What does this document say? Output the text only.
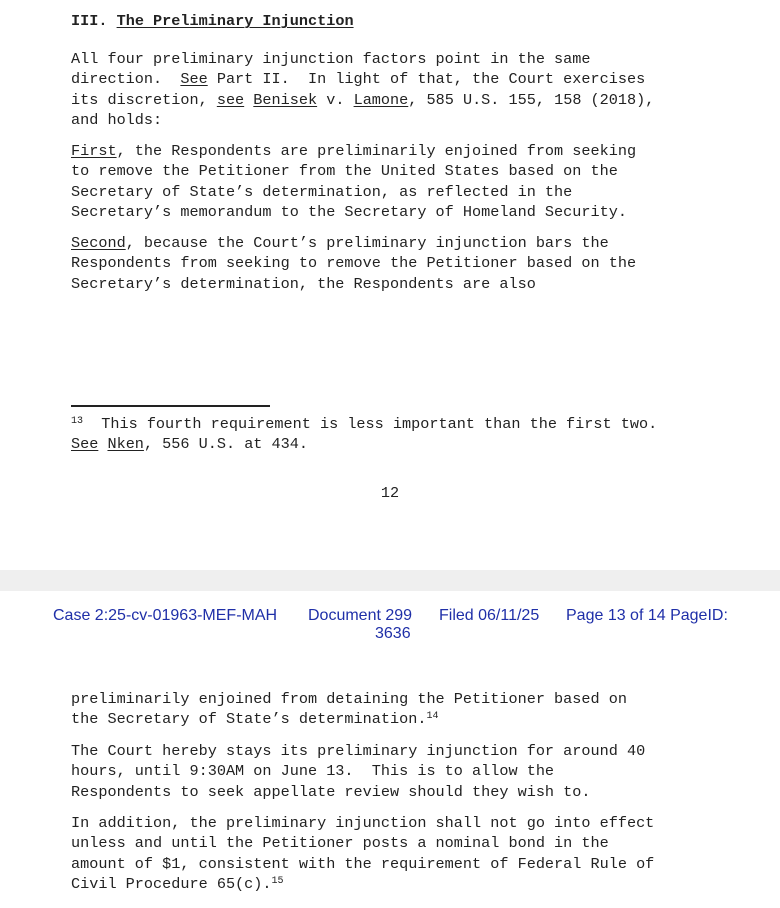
III. The Preliminary Injunction
All four preliminary injunction factors point in the same
direction.  See Part II.  In light of that, the Court exercises
its discretion, see Benisek v. Lamone, 585 U.S. 155, 158 (2018),
and holds:
First, the Respondents are preliminarily enjoined from seeking
to remove the Petitioner from the United States based on the
Secretary of State’s determination, as reflected in the
Secretary’s memorandum to the Secretary of Homeland Security.
Second, because the Court’s preliminary injunction bars the
Respondents from seeking to remove the Petitioner based on the
Secretary’s determination, the Respondents are also
$^{13}$  This fourth requirement is less important than the first two.
See Nken, 556 U.S. at 434.
12
Case 2:25-cv-01963-MEF-MAH Document 299 Filed 06/11/25 Page 13 of 14 PageID:
3636
preliminarily enjoined from detaining the Petitioner based on
the Secretary of State’s determination.$^{14}$
The Court hereby stays its preliminary injunction for around 40
hours, until 9:30AM on June 13.  This is to allow the
Respondents to seek appellate review should they wish to.
In addition, the preliminary injunction shall not go into effect
unless and until the Petitioner posts a nominal bond in the
amount of $1, consistent with the requirement of Federal Rule of
Civil Procedure 65(c).$^{15}$
